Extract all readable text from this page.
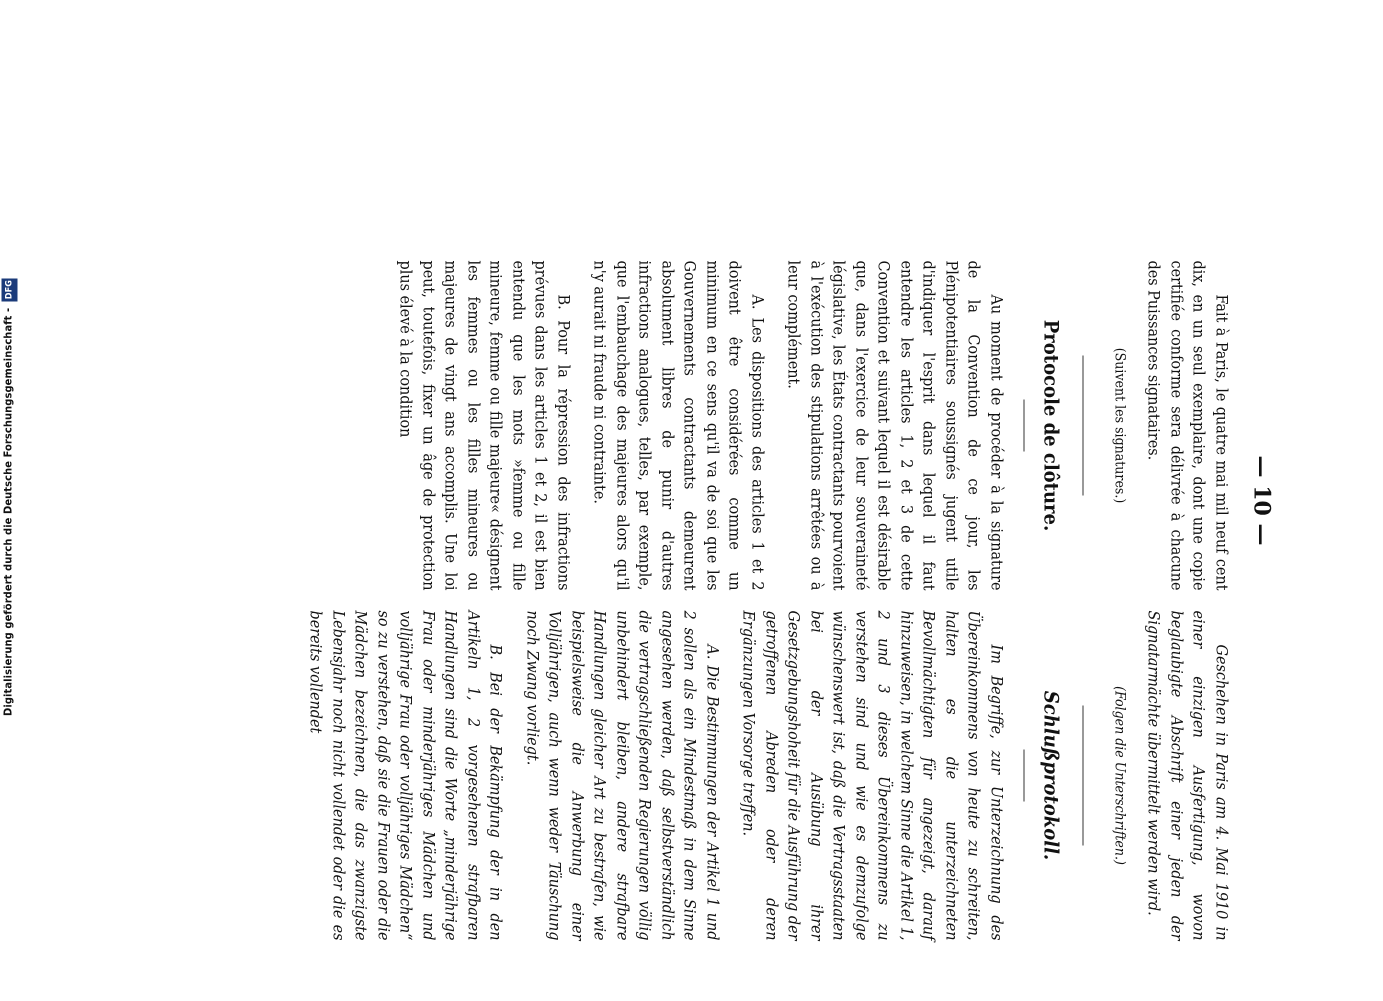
Digitalisierung gefördert durch die Deutsche Forschungsgemeinschaft - DFG
— 10 —

Fait à Paris, le quatre mai mil neuf cent dix, en un seul exemplaire, dont une copie certifiée conforme sera délivrée à chacune des Puissances signataires.

(Suivent les signatures.)

Protocole de clôture.

Au moment de procéder à la signature de la Convention de ce jour, les Plénipotentiaires soussignés jugent utile d'indiquer l'esprit dans lequel il faut entendre les articles 1, 2 et 3 de cette Convention et suivant lequel il est désirable que, dans l'exercice de leur souveraineté législative, les États contractants pourvoient à l'exécution des stipulations arrêtées ou à leur complément.

A. Les dispositions des articles 1 et 2 doivent être considérées comme un minimum en ce sens qu'il va de soi que les Gouvernements contractants demeurent absolument libres de punir d'autres infractions analogues, telles, par exemple, que l'embauchage des majeures alors qu'il n'y aurait ni fraude ni contrainte.

B. Pour la répression des infractions prévues dans les articles 1 et 2, il est bien entendu que les mots »femme ou fille mineure, femme ou fille majeure« désignent les femmes ou les filles mineures ou majeures de vingt ans accomplis. Une loi peut, toutefois, fixer un âge de protection plus élevé à la condition

Geschehen in Paris am 4. Mai 1910 in einer einzigen Ausfertigung, wovon beglaubigte Abschrift einer jeden der Signatarmächte übermittelt werden wird.

(Folgen die Unterschriften.)

Schlußprotokoll.

Im Begriffe, zur Unterzeichnung des Übereinkommens von heute zu schreiten, halten es die unterzeichneten Bevollmächtigten für angezeigt, darauf hinzuweisen, in welchem Sinne die Artikel 1, 2 und 3 dieses Übereinkommens zu verstehen sind und wie es demzufolge wünschenswert ist, daß die Vertragsstaaten bei der Ausübung ihrer Gesetzgebungshoheit für die Ausführung der getroffenen Abreden oder deren Ergänzungen Vorsorge treffen.

A. Die Bestimmungen der Artikel 1 und 2 sollen als ein Mindestmaß in dem Sinne angesehen werden, daß selbstverständlich die vertragschließenden Regierungen völlig unbehindert bleiben, andere strafbare Handlungen gleicher Art zu bestrafen, wie beispielsweise die Anwerbung einer Volljährigen, auch wenn weder Täuschung noch Zwang vorliegt.

B. Bei der Bekämpfung der in den Artikeln 1, 2 vorgesehenen strafbaren Handlungen sind die Worte „minderjährige Frau oder minderjähriges Mädchen und volljährige Frau oder volljähriges Mädchen“ so zu verstehen, daß sie die Frauen oder die Mädchen bezeichnen, die das zwanzigste Lebensjahr noch nicht vollendet oder die es bereits vollendet
